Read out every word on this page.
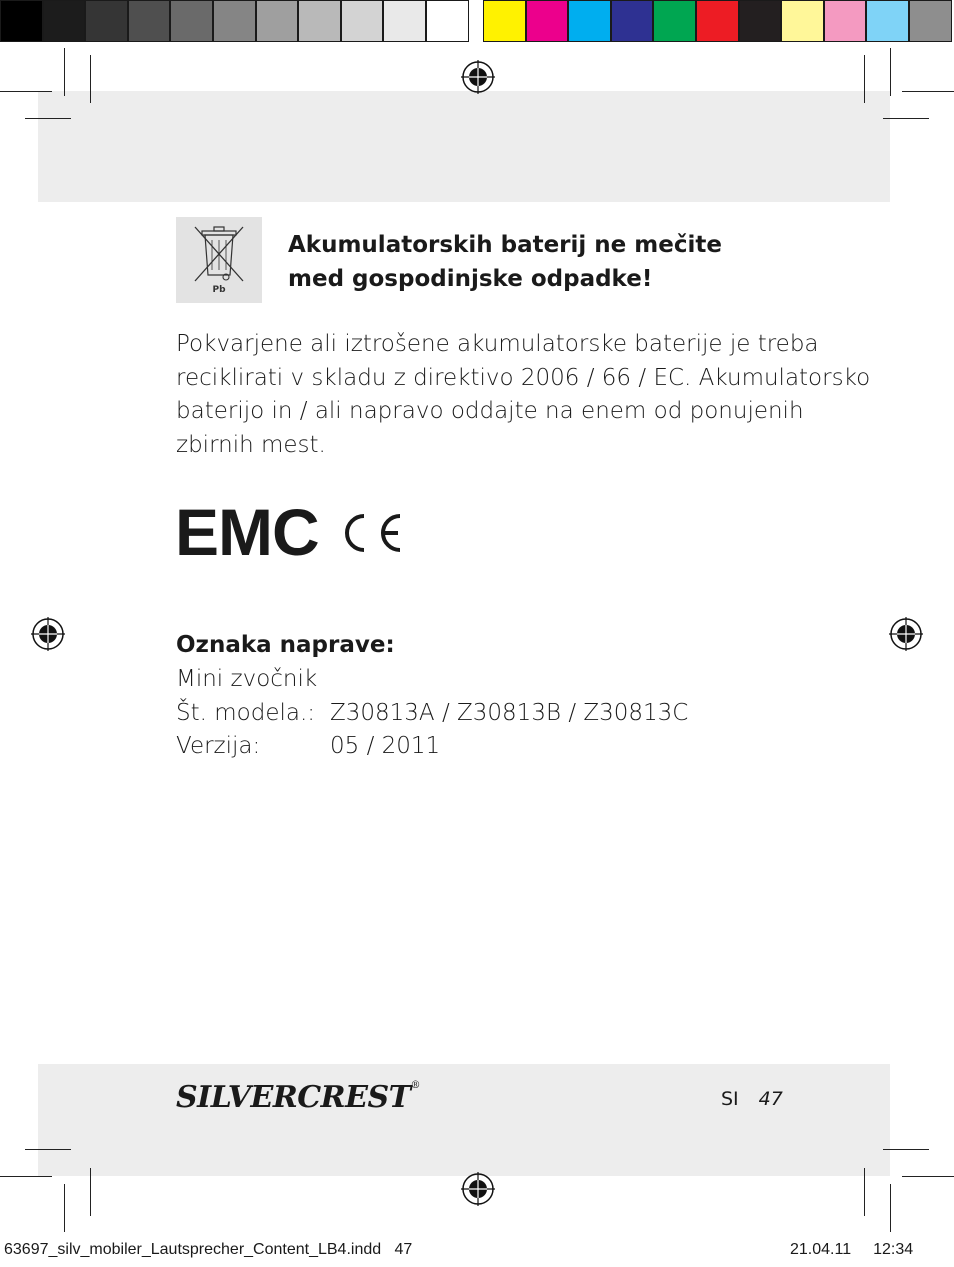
Pb
Akumulatorskih baterij ne mečite
med gospodinjske odpadke!
Pokvarjene ali iztrošene akumulatorske baterije je treba
reciklirati v skladu z direktivo 2006 / 66 / EC. Akumulatorsko
baterijo in / ali napravo oddajte na enem od ponujenih
zbirnih mest.
EMC
Oznaka naprave:
Mini zvočnik
Št. modela.: Z30813A / Z30813B / Z30813C
Verzija:	05 / 2011
SILVERCREST®
SI 47
63697_silv_mobiler_Lautsprecher_Content_LB4.indd   47	21.04.11 12:34
